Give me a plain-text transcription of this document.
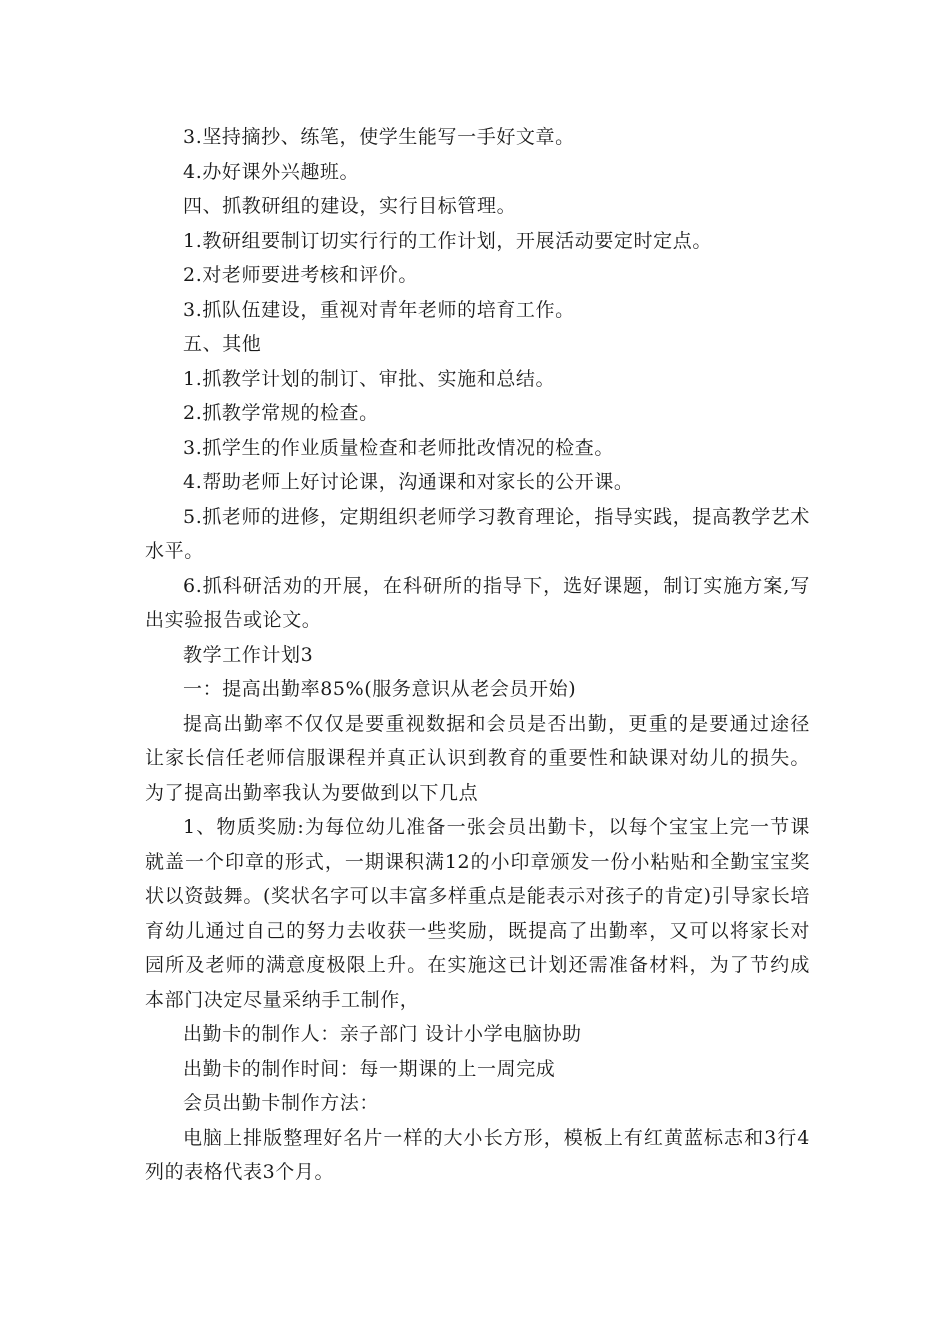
3.坚持摘抄、练笔，使学生能写一手好文章。

4.办好课外兴趣班。

四、抓教研组的建设，实行目标管理。

1.教研组要制订切实行行的工作计划，开展活动要定时定点。

2.对老师要进考核和评价。

3.抓队伍建设，重视对青年老师的培育工作。

五、其他

1.抓教学计划的制订、审批、实施和总结。

2.抓教学常规的检查。

3.抓学生的作业质量检查和老师批改情况的检查。

4.帮助老师上好讨论课，沟通课和对家长的公开课。

5.抓老师的进修，定期组织老师学习教育理论，指导实践，提高教学艺术水平。

6.抓科研活劝的开展，在科研所的指导下，选好课题，制订实施方案,写出实验报告或论文。

教学工作计划3

一：提高出勤率85%(服务意识从老会员开始)

提高出勤率不仅仅是要重视数据和会员是否出勤，更重的是要通过途径让家长信任老师信服课程并真正认识到教育的重要性和缺课对幼儿的损失。为了提高出勤率我认为要做到以下几点

1、物质奖励:为每位幼儿准备一张会员出勤卡，以每个宝宝上完一节课就盖一个印章的形式，一期课积满12的小印章颁发一份小粘贴和全勤宝宝奖状以资鼓舞。(奖状名字可以丰富多样重点是能表示对孩子的肯定)引导家长培育幼儿通过自己的努力去收获一些奖励，既提高了出勤率，又可以将家长对园所及老师的满意度极限上升。在实施这已计划还需准备材料，为了节约成本部门决定尽量采纳手工制作，

出勤卡的制作人：亲子部门 设计小学电脑协助

出勤卡的制作时间：每一期课的上一周完成

会员出勤卡制作方法：

电脑上排版整理好名片一样的大小长方形，模板上有红黄蓝标志和3行4列的表格代表3个月。
